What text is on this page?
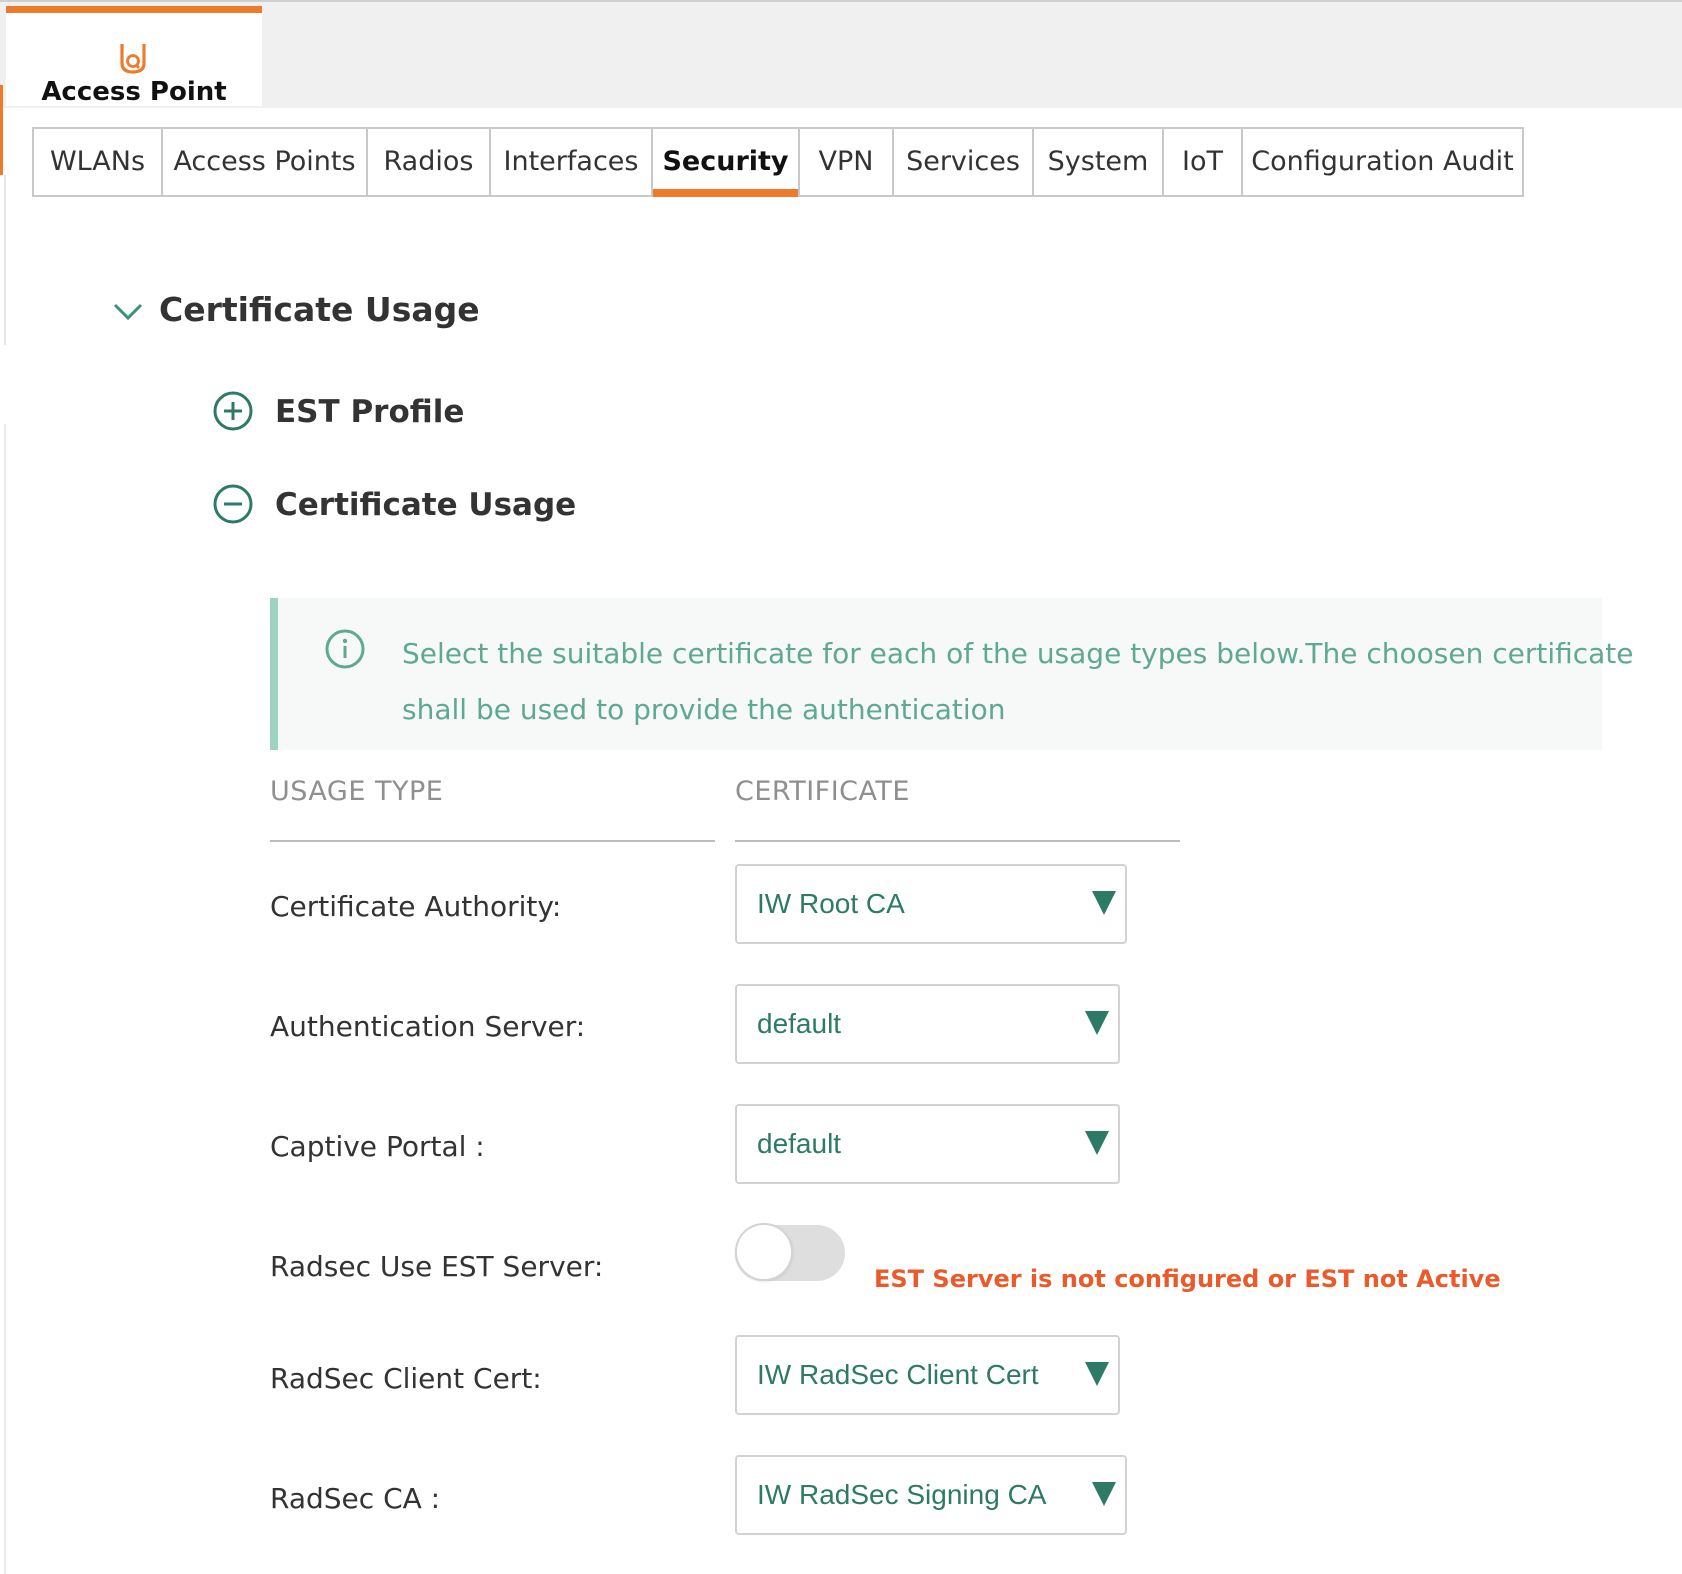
Access Point
WLANs	Access Points	Radios	Interfaces Security	VPN	Services	System	IoT	Configuration Audit
Certificate Usage
EST Profile
Certificate Usage
Select the suitable certificate for each of the usage types below.The choosen certificate shall be used to provide the authentication
USAGE TYPE	CERTIFICATE
Certificate Authority:	IW Root CA
Authentication Server:	default
Captive Portal :	default
Radsec Use EST Server:	EST Server is not configured or EST not Active
RadSec Client Cert:	IW RadSec Client Cert
RadSec CA :	IW RadSec Signing CA
